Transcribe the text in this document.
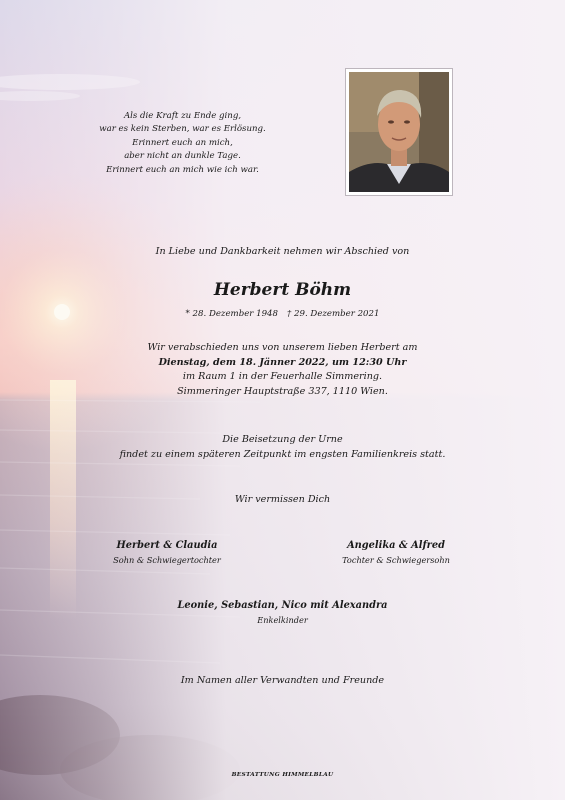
Als die Kraft zu Ende ging,
war es kein Sterben, war es Erlösung.
Erinnert euch an mich,
aber nicht an dunkle Tage.
Erinnert euch an mich wie ich war.
In Liebe und Dankbarkeit nehmen wir Abschied von
Herbert Böhm
* 28. Dezember 1948 † 29. Dezember 2021
Wir verabschieden uns von unserem lieben Herbert am
Dienstag, dem 18. Jänner 2022, um 12:30 Uhr
im Raum 1 in der Feuerhalle Simmering.
Simmeringer Hauptstraße 337, 1110 Wien.
Die Beisetzung der Urne
findet zu einem späteren Zeitpunkt im engsten Familienkreis statt.
Wir vermissen Dich
Herbert & Claudia
Sohn & Schwiegertochter
Angelika & Alfred
Tochter & Schwiegersohn
Leonie, Sebastian, Nico mit Alexandra
Enkelkinder
Im Namen aller Verwandten und Freunde
BESTATTUNG HIMMELBLAU
